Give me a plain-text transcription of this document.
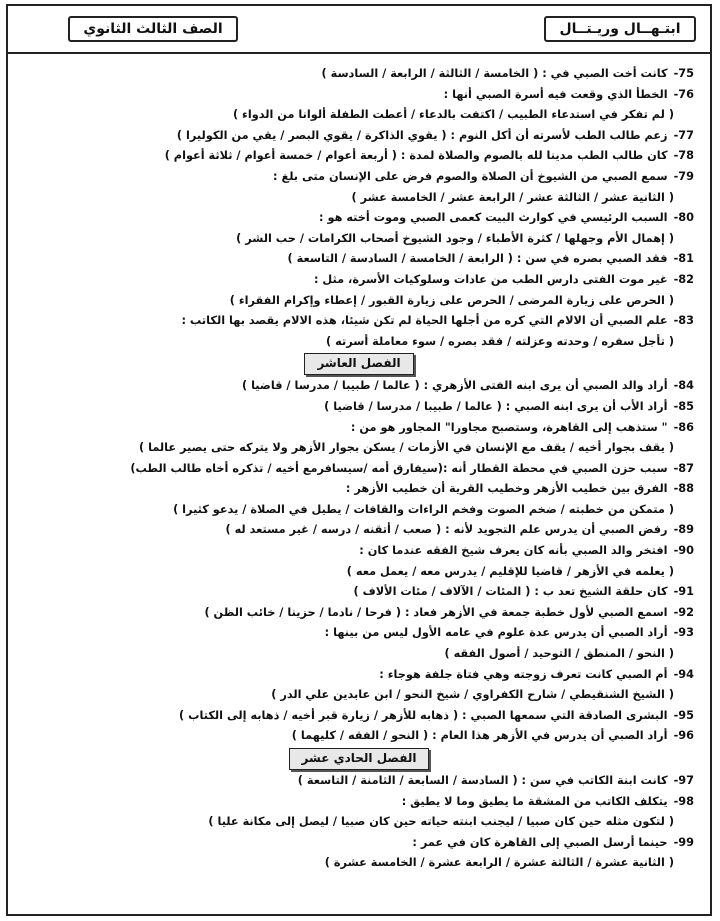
ابتـهــال وريـتــال
الصف الثالث الثانوي
75-كانت أخت الصبي في : ( الخامسة / الثالثة / الرابعة / السادسة )
76-الخطأ الذي وقعت فيه أسرة الصبي أنها :
( لم تفكر في استدعاء الطبيب / اكتفت بالدعاء / أعطت الطفلة ألوانا من الدواء )
77-زعم طالب الطب لأسرته أن أكل النوم : ( يقوي الذاكرة / يقوي البصر / يقي من الكوليرا )
78-كان طالب الطب مدينا لله بالصوم والصلاة لمدة : ( أربعة أعوام / خمسة أعوام / ثلاثة أعوام )
79-سمع الصبي من الشيوخ أن الصلاة والصوم فرض على الإنسان متى بلغ :
( الثانية عشر / الثالثة عشر / الرابعة عشر / الخامسة عشر )
80-السبب الرئيسي في كوارث البيت كعمى الصبي وموت أخته هو :
( إهمال الأم وجهلها / كثرة الأطباء / وجود الشيوخ أصحاب الكرامات / حب الشر )
81-فقد الصبي بصره في سن : ( الرابعة / الخامسة / السادسة / التاسعة )
82-غير موت الفتى دارس الطب من عادات وسلوكيات الأسرة، مثل :
( الحرص على زيارة المرضى / الحرص على زيارة القبور / إعطاء وإكرام الفقراء )
83-علم الصبي أن الالام التي كره من أجلها الحياة لم تكن شيئا، هذه الالام يقصد بها الكاتب :
( تأجل سفره / وحدته وعزلته / فقد بصره / سوء معاملة أسرته )
الفصل العاشر
84-أراد والد الصبي أن يرى ابنه الفتى الأزهري : ( عالما / طبيبا / مدرسا / قاضيا )
85-أراد الأب أن يرى ابنه الصبي : ( عالما / طبيبا / مدرسا / قاضيا )
86-" ستذهب إلى القاهرة، وستصبح مجاورا" المجاور هو من :
( يقف بجوار أخيه / يقف مع الإنسان في الأزمات / يسكن بجوار الأزهر ولا يتركه حتى يصير عالما )
87-سبب حزن الصبي في محطة القطار أنه :(سيفارق أمه /سيسافرمع أخيه / تذكره أخاه طالب الطب)
88-الفرق بين خطيب الأزهر وخطيب القرية أن خطيب الأزهر :
( متمكن من خطبته / ضخم الصوت وفخم الراءات والقافات / يطيل في الصلاة / يدعو كثيرا )
89-رفض الصبي أن يدرس علم التجويد لأنه : ( صعب / أتقنه / درسه / غير مستعد له )
90-افتخر والد الصبي بأنه كان يعرف شيخ الفقه عندما كان :
( يعلمه في الأزهر / قاضيا للإقليم / يدرس معه / يعمل معه )
91-كان حلقة الشيخ تعد ب : ( المئات / الآلاف / مئات الألاف )
92-اسمع الصبي لأول خطبة جمعة في الأزهر فعاد : ( فرحا / نادما / حزينا / خائب الظن )
93-أراد الصبي أن يدرس عدة علوم في عامه الأول ليس من بينها :
( النحو / المنطق / التوحيد / أصول الفقه )
94-أم الصبي كانت تعرف زوجته وهي فتاة جلفة هوجاء :
( الشيخ الشنقيطي / شارح الكفراوي / شيخ النحو / ابن عابدين علي الدر )
95-البشرى الصادقة التي سمعها الصبي : ( ذهابه للأزهر / زيارة قبر أخيه / ذهابه إلى الكتاب )
96-أراد الصبي أن يدرس في الأزهر هذا العام : ( النحو / الفقه / كليهما )
الفصل الحادي عشر
97-كانت ابنة الكاتب في سن : ( السادسة / السابعة / الثامنة / التاسعة )
98-يتكلف الكاتب من المشقة ما يطيق وما لا يطيق :
( لتكون مثله حين كان صبيا / ليجنب ابنته حياته حين كان صبيا / ليصل إلى مكانة عليا )
99-حينما أرسل الصبي إلى القاهرة كان في عمر :
( الثانية عشرة / الثالثة عشرة / الرابعة عشرة / الخامسة عشرة )
